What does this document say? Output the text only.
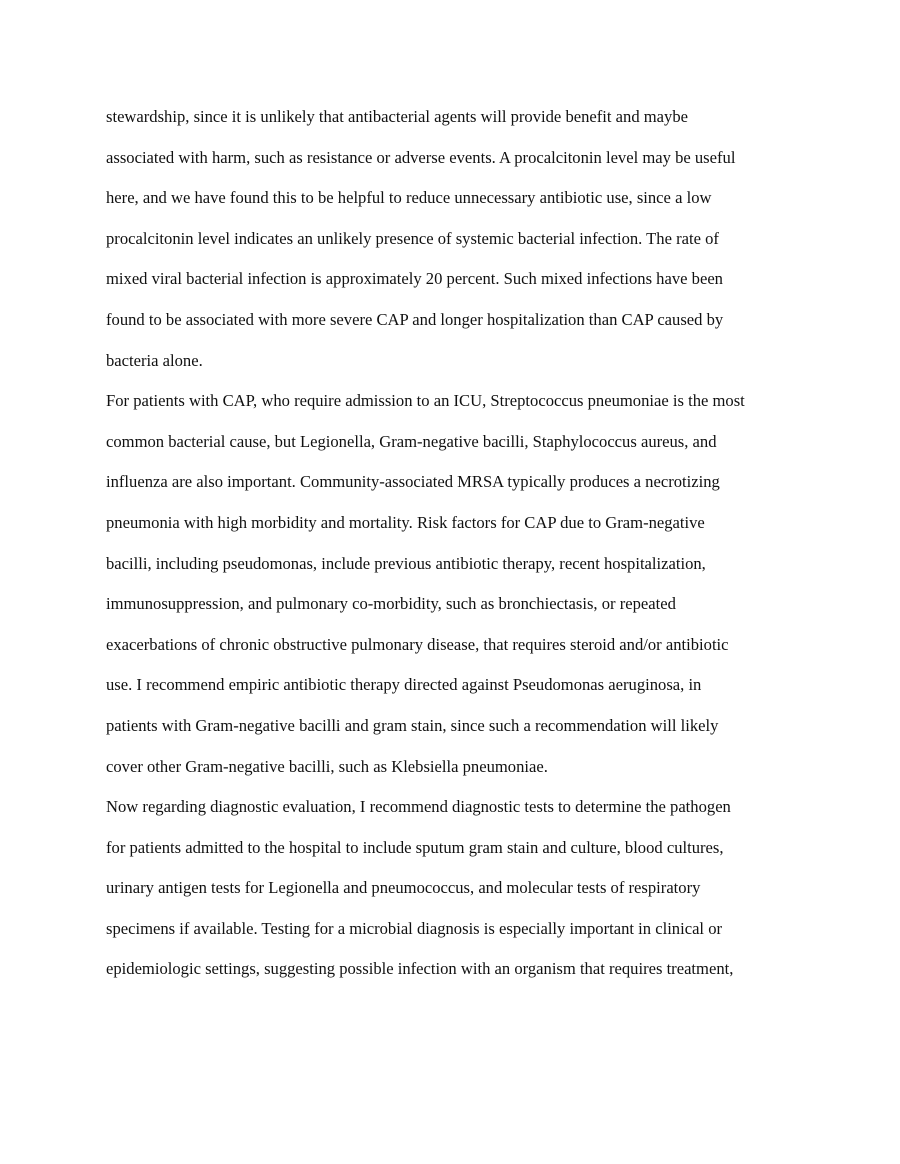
stewardship, since it is unlikely that antibacterial agents will provide benefit and maybe
associated with harm, such as resistance or adverse events. A procalcitonin level may be useful
here, and we have found this to be helpful to reduce unnecessary antibiotic use, since a low
procalcitonin level indicates an unlikely presence of systemic bacterial infection. The rate of
mixed viral bacterial infection is approximately 20 percent. Such mixed infections have been
found to be associated with more severe CAP and longer hospitalization than CAP caused by
bacteria alone.
For patients with CAP, who require admission to an ICU, Streptococcus pneumoniae is the most
common bacterial cause, but Legionella, Gram-negative bacilli, Staphylococcus aureus, and
influenza are also important. Community-associated MRSA typically produces a necrotizing
pneumonia with high morbidity and mortality. Risk factors for CAP due to Gram-negative
bacilli, including pseudomonas, include previous antibiotic therapy, recent hospitalization,
immunosuppression, and pulmonary co-morbidity, such as bronchiectasis, or repeated
exacerbations of chronic obstructive pulmonary disease, that requires steroid and/or antibiotic
use. I recommend empiric antibiotic therapy directed against Pseudomonas aeruginosa, in
patients with Gram-negative bacilli and gram stain, since such a recommendation will likely
cover other Gram-negative bacilli, such as Klebsiella pneumoniae.
Now regarding diagnostic evaluation, I recommend diagnostic tests to determine the pathogen
for patients admitted to the hospital to include sputum gram stain and culture, blood cultures,
urinary antigen tests for Legionella and pneumococcus, and molecular tests of respiratory
specimens if available. Testing for a microbial diagnosis is especially important in clinical or
epidemiologic settings, suggesting possible infection with an organism that requires treatment,
